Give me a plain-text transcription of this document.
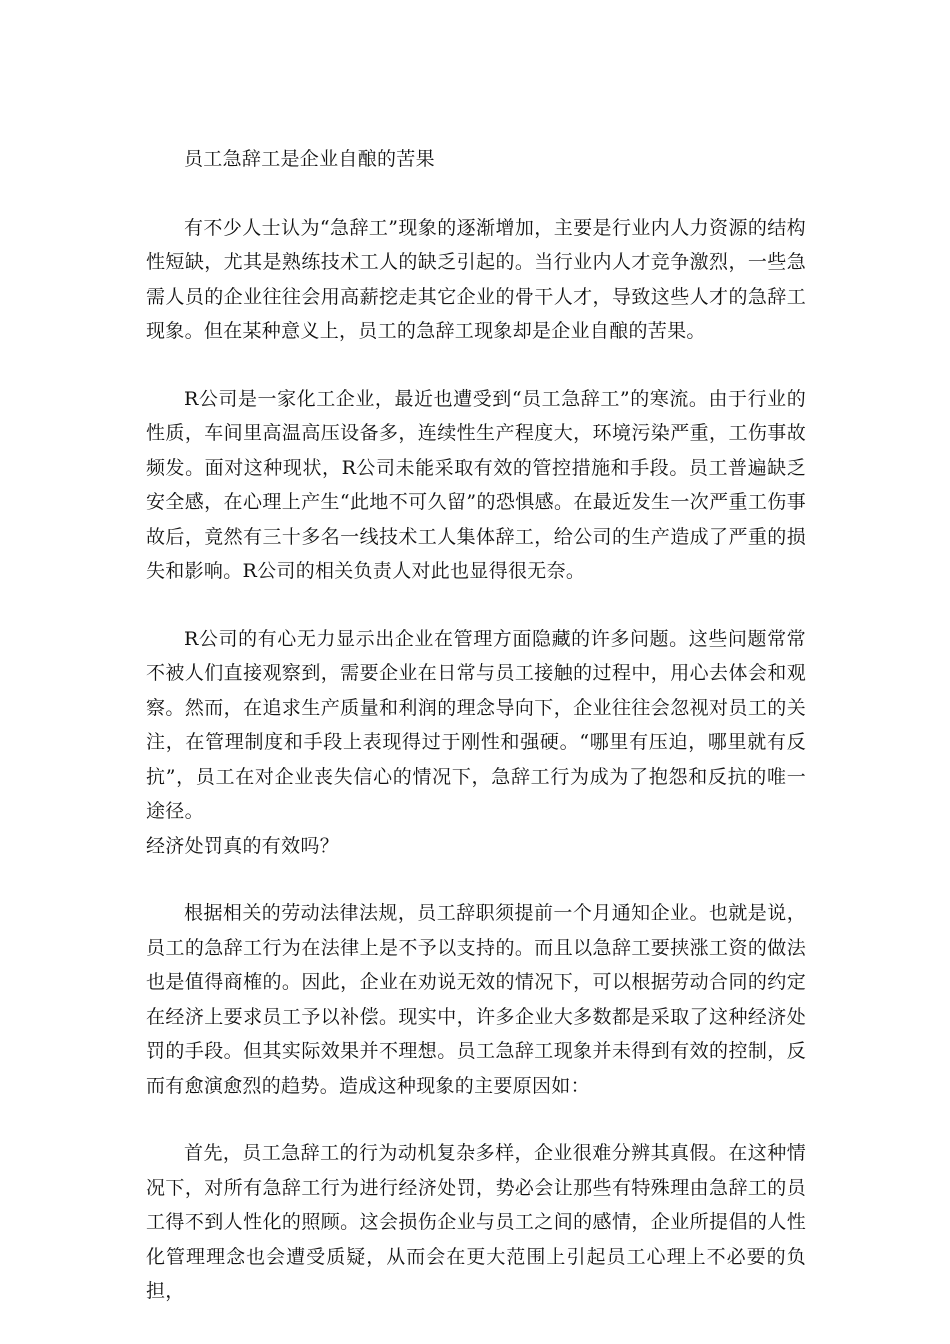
员工急辞工是企业自酿的苦果

有不少人士认为“急辞工”现象的逐渐增加，主要是行业内人力资源的结构性短缺，尤其是熟练技术工人的缺乏引起的。当行业内人才竞争激烈，一些急需人员的企业往往会用高薪挖走其它企业的骨干人才，导致这些人才的急辞工现象。但在某种意义上，员工的急辞工现象却是企业自酿的苦果。

R公司是一家化工企业，最近也遭受到“员工急辞工”的寒流。由于行业的性质，车间里高温高压设备多，连续性生产程度大，环境污染严重，工伤事故频发。面对这种现状，R公司未能采取有效的管控措施和手段。员工普遍缺乏安全感，在心理上产生“此地不可久留”的恐惧感。在最近发生一次严重工伤事故后，竟然有三十多名一线技术工人集体辞工，给公司的生产造成了严重的损失和影响。R公司的相关负责人对此也显得很无奈。

R公司的有心无力显示出企业在管理方面隐藏的许多问题。这些问题常常不被人们直接观察到，需要企业在日常与员工接触的过程中，用心去体会和观察。然而，在追求生产质量和利润的理念导向下，企业往往会忽视对员工的关注，在管理制度和手段上表现得过于刚性和强硬。“哪里有压迫，哪里就有反抗”，员工在对企业丧失信心的情况下，急辞工行为成为了抱怨和反抗的唯一途径。

经济处罚真的有效吗？

根据相关的劳动法律法规，员工辞职须提前一个月通知企业。也就是说，员工的急辞工行为在法律上是不予以支持的。而且以急辞工要挟涨工资的做法也是值得商榷的。因此，企业在劝说无效的情况下，可以根据劳动合同的约定在经济上要求员工予以补偿。现实中，许多企业大多数都是采取了这种经济处罚的手段。但其实际效果并不理想。员工急辞工现象并未得到有效的控制，反而有愈演愈烈的趋势。造成这种现象的主要原因如：

首先，员工急辞工的行为动机复杂多样，企业很难分辨其真假。在这种情况下，对所有急辞工行为进行经济处罚，势必会让那些有特殊理由急辞工的员工得不到人性化的照顾。这会损伤企业与员工之间的感情，企业所提倡的人性化管理理念也会遭受质疑，从而会在更大范围上引起员工心理上不必要的负担，
